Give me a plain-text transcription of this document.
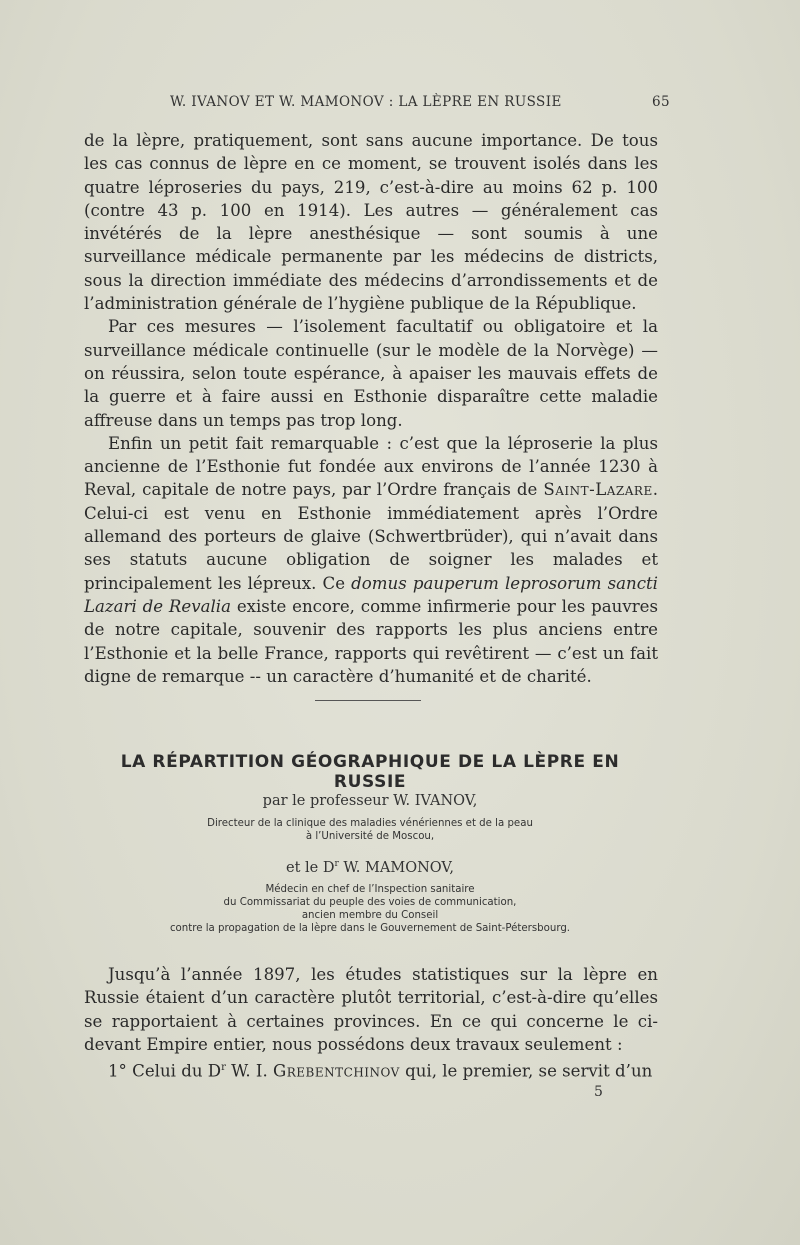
W. IVANOV ET W. MAMONOV : LA LÈPRE EN RUSSIE	65

de la lèpre, pratiquement, sont sans aucune importance. De tous les cas connus de lèpre en ce moment, se trouvent isolés dans les quatre léproseries du pays, 219, c’est-à-dire au moins 62 p. 100 (contre 43 p. 100 en 1914). Les autres — généralement cas invétérés de la lèpre anesthésique — sont soumis à une surveillance médicale permanente par les médecins de districts, sous la direction immédiate des médecins d’arrondissements et de l’administration générale de l’hygiène publique de la République.

Par ces mesures — l’isolement facultatif ou obligatoire et la surveillance médicale continuelle (sur le modèle de la Norvège) — on réussira, selon toute espérance, à apaiser les mauvais effets de la guerre et à faire aussi en Esthonie disparaître cette maladie affreuse dans un temps pas trop long.

Enfin un petit fait remarquable : c’est que la léproserie la plus ancienne de l’Esthonie fut fondée aux environs de l’année 1230 à Reval, capitale de notre pays, par l’Ordre français de Saint-Lazare. Celui-ci est venu en Esthonie immédiatement après l’Ordre allemand des porteurs de glaive (Schwertbrüder), qui n’avait dans ses statuts aucune obligation de soigner les malades et principalement les lépreux. Ce domus pauperum leprosorum sancti Lazari de Revalia existe encore, comme infirmerie pour les pauvres de notre capitale, souvenir des rapports les plus anciens entre l’Esthonie et la belle France, rapports qui revêtirent — c’est un fait digne de remarque -- un caractère d’humanité et de charité.

LA RÉPARTITION GÉOGRAPHIQUE DE LA LÈPRE EN RUSSIE
par le professeur W. IVANOV,
Directeur de la clinique des maladies vénériennes et de la peau
à l’Université de Moscou,
et le $D^r$ W. MAMONOV,
Médecin en chef de l’Inspection sanitaire
du Commissariat du peuple des voies de communication,
ancien membre du Conseil
contre la propagation de la lèpre dans le Gouvernement de Saint-Pétersbourg.

Jusqu’à l’année 1897, les études statistiques sur la lèpre en Russie étaient d’un caractère plutôt territorial, c’est-à-dire qu’elles se rapportaient à certaines provinces. En ce qui concerne le ci-devant Empire entier, nous possédons deux travaux seulement :

1° Celui du $D^r$ W. I. Grebentchinov qui, le premier, se servit d’un

5
